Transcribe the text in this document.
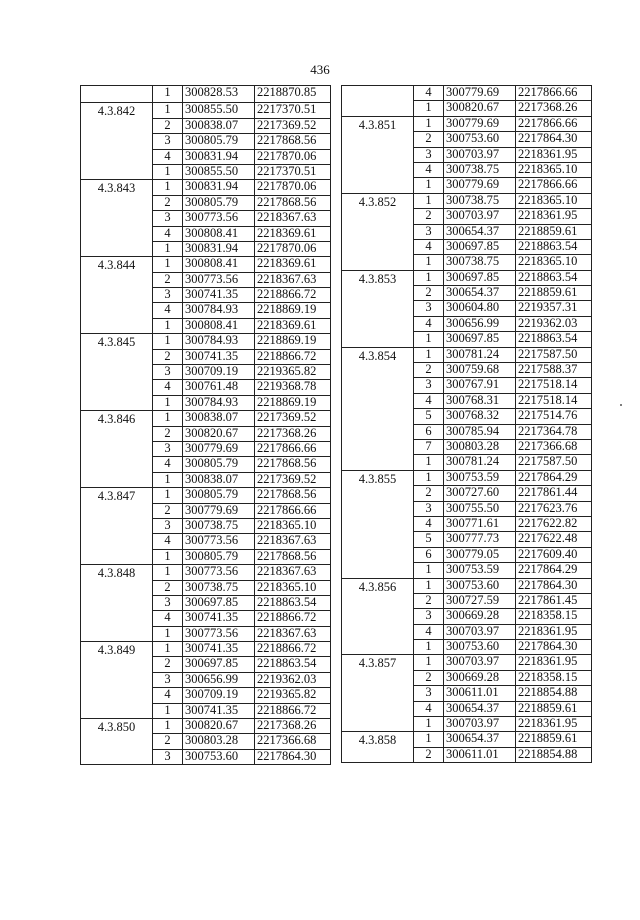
436
	1	300828.53	2218870.85
4.3.842	1	300855.50	2217370.51
	2	300838.07	2217369.52
	3	300805.79	2217868.56
	4	300831.94	2217870.06
	1	300855.50	2217370.51
4.3.843	1	300831.94	2217870.06
	2	300805.79	2217868.56
	3	300773.56	2218367.63
	4	300808.41	2218369.61
	1	300831.94	2217870.06
4.3.844	1	300808.41	2218369.61
	2	300773.56	2218367.63
	3	300741.35	2218866.72
	4	300784.93	2218869.19
	1	300808.41	2218369.61
4.3.845	1	300784.93	2218869.19
	2	300741.35	2218866.72
	3	300709.19	2219365.82
	4	300761.48	2219368.78
	1	300784.93	2218869.19
4.3.846	1	300838.07	2217369.52
	2	300820.67	2217368.26
	3	300779.69	2217866.66
	4	300805.79	2217868.56
	1	300838.07	2217369.52
4.3.847	1	300805.79	2217868.56
	2	300779.69	2217866.66
	3	300738.75	2218365.10
	4	300773.56	2218367.63
	1	300805.79	2217868.56
4.3.848	1	300773.56	2218367.63
	2	300738.75	2218365.10
	3	300697.85	2218863.54
	4	300741.35	2218866.72
	1	300773.56	2218367.63
4.3.849	1	300741.35	2218866.72
	2	300697.85	2218863.54
	3	300656.99	2219362.03
	4	300709.19	2219365.82
	1	300741.35	2218866.72
4.3.850	1	300820.67	2217368.26
	2	300803.28	2217366.68
	3	300753.60	2217864.30
	4	300779.69	2217866.66
	1	300820.67	2217368.26
4.3.851	1	300779.69	2217866.66
	2	300753.60	2217864.30
	3	300703.97	2218361.95
	4	300738.75	2218365.10
	1	300779.69	2217866.66
4.3.852	1	300738.75	2218365.10
	2	300703.97	2218361.95
	3	300654.37	2218859.61
	4	300697.85	2218863.54
	1	300738.75	2218365.10
4.3.853	1	300697.85	2218863.54
	2	300654.37	2218859.61
	3	300604.80	2219357.31
	4	300656.99	2219362.03
	1	300697.85	2218863.54
4.3.854	1	300781.24	2217587.50
	2	300759.68	2217588.37
	3	300767.91	2217518.14
	4	300768.31	2217518.14
	5	300768.32	2217514.76
	6	300785.94	2217364.78
	7	300803.28	2217366.68
	1	300781.24	2217587.50
4.3.855	1	300753.59	2217864.29
	2	300727.60	2217861.44
	3	300755.50	2217623.76
	4	300771.61	2217622.82
	5	300777.73	2217622.48
	6	300779.05	2217609.40
	1	300753.59	2217864.29
4.3.856	1	300753.60	2217864.30
	2	300727.59	2217861.45
	3	300669.28	2218358.15
	4	300703.97	2218361.95
	1	300753.60	2217864.30
4.3.857	1	300703.97	2218361.95
	2	300669.28	2218358.15
	3	300611.01	2218854.88
	4	300654.37	2218859.61
	1	300703.97	2218361.95
4.3.858	1	300654.37	2218859.61
	2	300611.01	2218854.88
